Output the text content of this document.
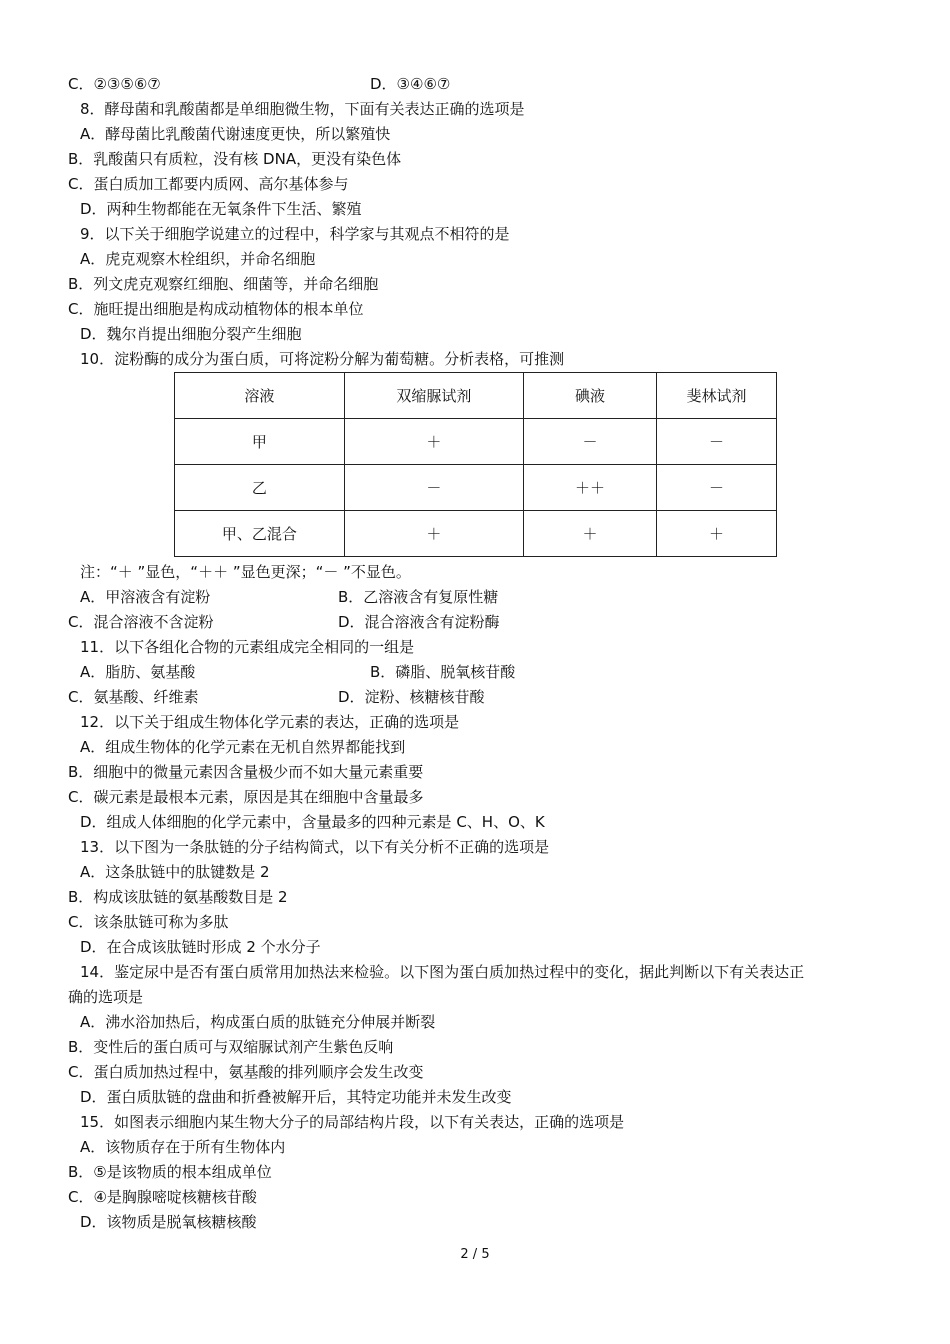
C．②③⑤⑥⑦	D．③④⑥⑦
8．酵母菌和乳酸菌都是单细胞微生物，下面有关表达正确的选项是
A．酵母菌比乳酸菌代谢速度更快，所以繁殖快
B．乳酸菌只有质粒，没有核 DNA，更没有染色体
C．蛋白质加工都要内质网、高尔基体参与
D．两种生物都能在无氧条件下生活、繁殖
9．以下关于细胞学说建立的过程中，科学家与其观点不相符的是
A．虎克观察木栓组织，并命名细胞
B．列文虎克观察红细胞、细菌等，并命名细胞
C．施旺提出细胞是构成动植物体的根本单位
D．魏尔肖提出细胞分裂产生细胞
10．淀粉酶的成分为蛋白质，可将淀粉分解为葡萄糖。分析表格，可推测
溶液	双缩脲试剂	碘液	斐林试剂
甲	＋	－	－
乙	－	＋＋	－
甲、乙混合	＋	＋	＋
注：“＋ ”显色，“＋＋ ”显色更深；“－ ”不显色。
A．甲溶液含有淀粉	B．乙溶液含有复原性糖
C．混合溶液不含淀粉	D．混合溶液含有淀粉酶
11．以下各组化合物的元素组成完全相同的一组是
A．脂肪、氨基酸	B．磷脂、脱氧核苷酸
C．氨基酸、纤维素	D．淀粉、核糖核苷酸
12．以下关于组成生物体化学元素的表达，正确的选项是
A．组成生物体的化学元素在无机自然界都能找到
B．细胞中的微量元素因含量极少而不如大量元素重要
C．碳元素是最根本元素，原因是其在细胞中含量最多
D．组成人体细胞的化学元素中，含量最多的四种元素是 C、H、O、K
13．以下图为一条肽链的分子结构简式，以下有关分析不正确的选项是
A．这条肽链中的肽键数是 2
B．构成该肽链的氨基酸数目是 2
C．该条肽链可称为多肽
D．在合成该肽链时形成 2 个水分子
14．鉴定尿中是否有蛋白质常用加热法来检验。以下图为蛋白质加热过程中的变化，据此判断以下有关表达正
确的选项是
A．沸水浴加热后，构成蛋白质的肽链充分伸展并断裂
B．变性后的蛋白质可与双缩脲试剂产生紫色反响
C．蛋白质加热过程中，氨基酸的排列顺序会发生改变
D．蛋白质肽链的盘曲和折叠被解开后，其特定功能并未发生改变
15．如图表示细胞内某生物大分子的局部结构片段，以下有关表达，正确的选项是
A．该物质存在于所有生物体内
B．⑤是该物质的根本组成单位
C．④是胸腺嘧啶核糖核苷酸
D．该物质是脱氧核糖核酸
2 / 5
